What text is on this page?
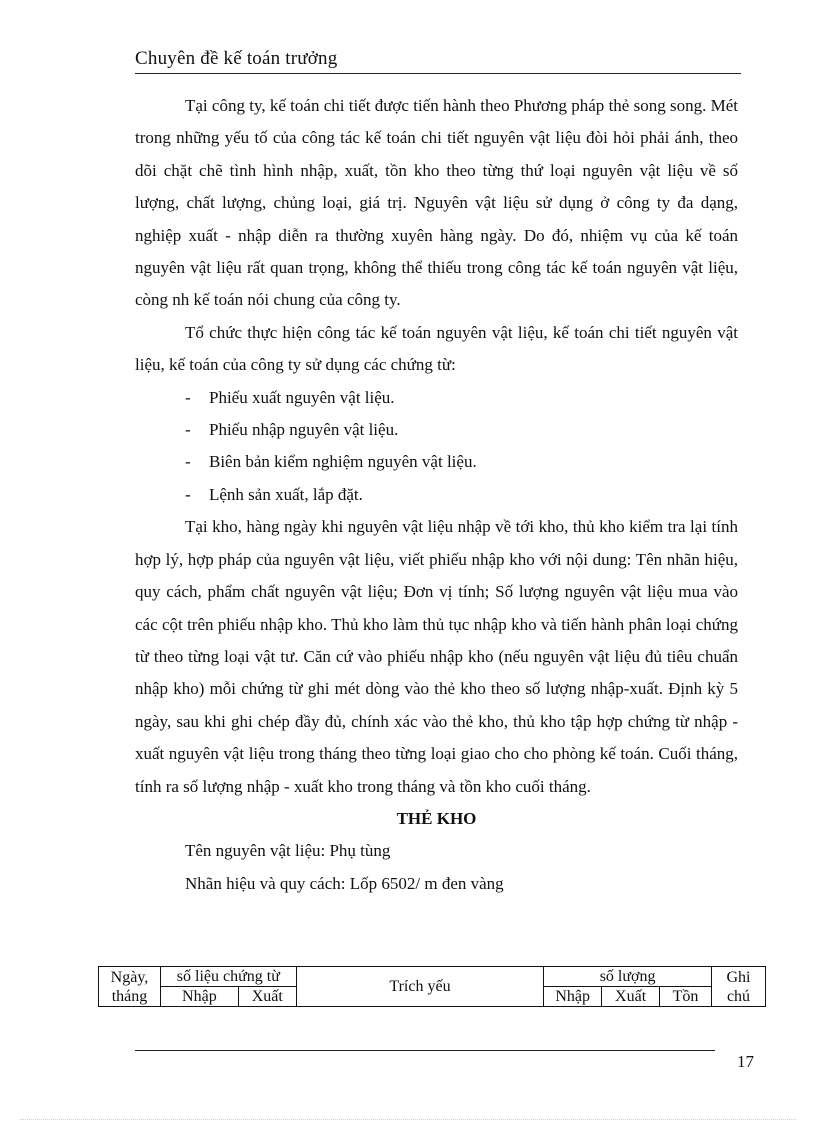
Chuyên đề kế toán trưởng

Tại công ty, kế toán chi tiết được tiến hành theo Phương pháp thẻ song song. Mét trong những yếu tố của công tác kế toán chi tiết nguyên vật liệu đòi hỏi phải ánh, theo dõi chặt chẽ tình hình nhập, xuất, tồn kho theo từng thứ loại nguyên vật liệu về số lượng, chất lượng, chủng loại, giá trị. Nguyên vật liệu sử dụng ở công ty đa dạng, nghiệp xuất - nhập diễn ra thường xuyên hàng ngày. Do đó, nhiệm vụ của kế toán nguyên vật liệu rất quan trọng, không thể thiếu trong công tác kế toán nguyên vật liệu, còng nh kế toán nói chung của công ty.

Tổ chức thực hiện công tác kế toán nguyên vật liệu, kế toán chi tiết nguyên vật liệu, kế toán của công ty sử dụng các chứng từ:

- Phiếu xuất nguyên vật liệu.
- Phiếu nhập nguyên vật liệu.
- Biên bản kiểm nghiệm nguyên vật liệu.
- Lệnh sản xuất, lắp đặt.

Tại kho, hàng ngày khi nguyên vật liệu nhập về tới kho, thủ kho kiểm tra lại tính hợp lý, hợp pháp của nguyên vật liệu, viết phiếu nhập kho với nội dung: Tên nhãn hiệu, quy cách, phẩm chất nguyên vật liệu; Đơn vị tính; Số lượng nguyên vật liệu mua vào các cột trên phiếu nhập kho. Thủ kho làm thủ tục nhập kho và tiến hành phân loại chứng từ theo từng loại vật tư. Căn cứ vào phiếu nhập kho (nếu nguyên vật liệu đủ tiêu chuẩn nhập kho) mỗi chứng từ ghi mét dòng vào thẻ kho theo số lượng nhập-xuất. Định kỳ 5 ngày, sau khi ghi chép đầy đủ, chính xác vào thẻ kho, thủ kho tập hợp chứng từ nhập - xuất nguyên vật liệu trong tháng theo từng loại giao cho cho phòng kế toán. Cuối tháng, tính ra số lượng nhập - xuất kho trong tháng và tồn kho cuối tháng.

THẺ KHO

Tên nguyên vật liệu: Phụ tùng
Nhãn hiệu và quy cách: Lốp 6502/ m đen vàng
Ngày, tháng	số liệu chứng từ		Trích yếu	số lượng			Ghi chú
	Nhập	Xuất		Nhập	Xuất	Tồn	
17
